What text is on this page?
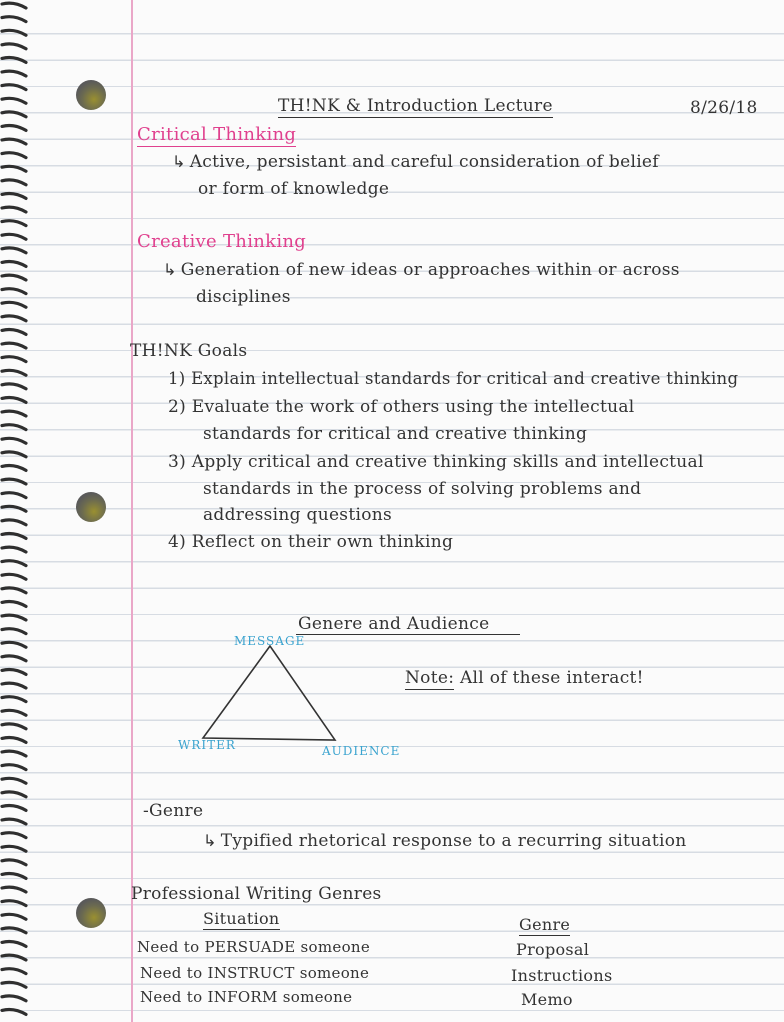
TH!NK & Introduction Lecture	8/26/18
Critical Thinking
↳ Active, persistant and careful consideration of belief
or form of knowledge
Creative Thinking
↳ Generation of new ideas or approaches within or across
disciplines
TH!NK Goals
1) Explain intellectual standards for critical and creative thinking
2) Evaluate the work of others using the intellectual
standards for critical and creative thinking
3) Apply critical and creative thinking skills and intellectual
standards in the process of solving problems and
addressing questions
4) Reflect on their own thinking
Genere and Audience
MESSAGE
WRITER	AUDIENCE
Note: All of these interact!
-Genre
↳ Typified rhetorical response to a recurring situation
Professional Writing Genres
Situation	Genre
Need to PERSUADE someone	Proposal
Need to INSTRUCT someone	Instructions
Need to INFORM someone	Memo
